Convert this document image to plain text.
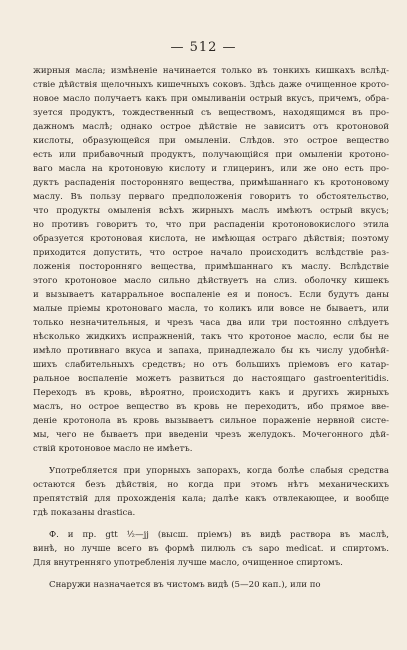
— 512 —
жирныя масла; измѣненіе начинается только въ тонкихъ кишкахъ вслѣд-
ствіе дѣйствія щелочныхъ кишечныхъ соковъ. Здѣсь даже очищенное крото-
новое масло получаетъ какъ при омыливаніи острый вкусъ, причемъ, обра-
зуется продуктъ, тождественный съ веществомъ, находящимся въ про-
дажномъ маслѣ; однако острое дѣйствіе не зависитъ отъ кротоновой
кислоты, образующейся при омыленіи. Слѣдов. это острое вещество
есть или прибавочный продуктъ, получающійся при омыленіи кротоно-
ваго масла на кротоновую кислоту и глицеринъ, или же оно есть про-
дуктъ распаденія посторонняго вещества, примѣшаннаго къ кротоновому
маслу. Въ пользу перваго предположенія говоритъ то обстоятельство,
что продукты омыленія всѣхъ жирныхъ маслъ имѣютъ острый вкусъ;
но противъ говоритъ то, что при распаденіи кротоновокислого этила
образуется кротоновая кислота, не имѣющая остраго дѣйствія; поэтому
приходится допустить, что острое начало происходитъ вслѣдствіе раз-
ложенія посторонняго вещества, примѣшаннаго къ маслу. Вслѣдствіе
этого кротоновое масло сильно дѣйствуетъ на слиз. оболочку кишекъ
и вызываетъ катарральное воспаленіе ея и поносъ. Если будутъ даны
малые пріемы кротоноваго масла, то коликъ или вовсе не бываетъ, или
только незначительныя, и чрезъ часа два или три постоянно слѣдуетъ
нѣсколько жидкихъ испражненій, такъ что кротоное масло, если бы не
имѣло противнаго вкуса и запаха, принадлежало бы къ числу удобнѣй-
шихъ слабительныхъ средствъ; но отъ большихъ пріемовъ его катар-
ральное воспаленіе можетъ развиться до настоящаго gastroenteritidis.
Переходъ въ кровь, вѣроятно, происходитъ какъ и другихъ жирныхъ
маслъ, но острое вещество въ кровь не переходитъ, ибо прямое вве-
деніе кротонола въ кровь вызываетъ сильное пораженіе нервной систе-
мы, чего не бываетъ при введеніи чрезъ желудокъ. Мочегонного дѣй-
ствій кротоновое масло не имѣетъ.
Употребляется при упорныхъ запорахъ, когда болѣе слабыя средства
остаются безъ дѣйствія, но когда при этомъ нѣтъ механическихъ
препятствій для прохожденія кала; далѣе какъ отвлекающее, и вообще
гдѣ показаны drastica.
Ф. и пр. gtt ½—jj (высш. пріемъ) въ видѣ раствора въ маслѣ,
винѣ, но лучше всего въ формѣ пилюль съ sapo medicat. и спиртомъ.
Для внутренняго употребленія лучше масло, очищенное спиртомъ.
Снаружи назначается въ чистомъ видѣ (5—20 кап.), или по
